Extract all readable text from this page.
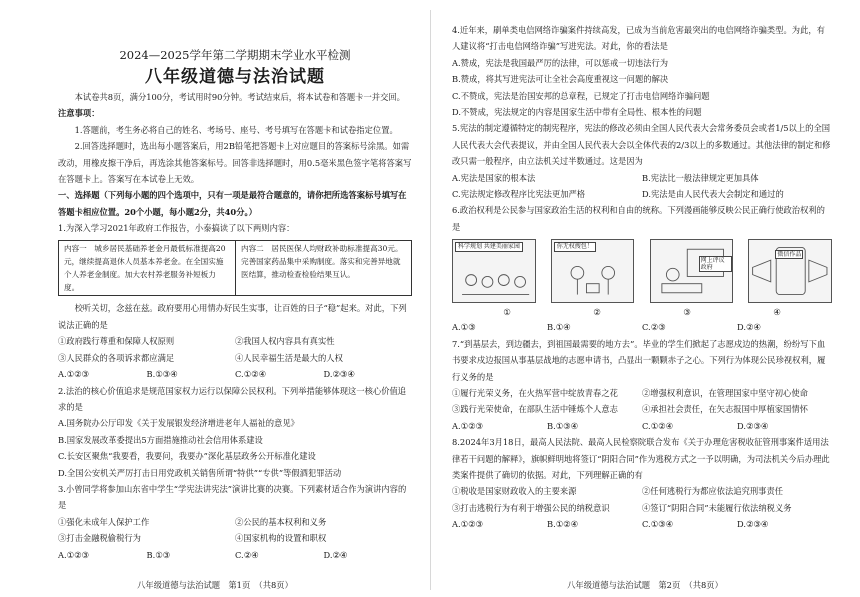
2024—2025学年第二学期期末学业水平检测
八年级道德与法治试题

本试卷共8页，满分100分，考试用时90分钟。考试结束后，将本试卷和答题卡一并交回。

注意事项：

1.答题前，考生务必将自己的姓名、考场号、座号、考号填写在答题卡和试卷指定位置。

2.回答选择题时，选出每小题答案后，用2B铅笔把答题卡上对应题目的答案标号涂黑。如需改动，用橡皮擦干净后，再选涂其他答案标号。回答非选择题时，用0.5毫米黑色签字笔将答案写在答题卡上。答案写在本试卷上无效。

一、选择题（下列每小题的四个选项中，只有一项是最符合题意的，请你把所选答案标号填写在答题卡相应位置。20个小题，每小题2分，共40分。）

1.为深入学习2021年政府工作报告，小泰搞读了以下两则内容：

内容一　城乡居民基础养老金月最低标准提高20元，继续提高退休人员基本养老金。在全国实施个人养老金制度。加大农村养老服务补短板力度。
内容二　居民医保人均财政补助标准提高30元。完善国家药品集中采购制度。落实和完善异地就医结算，推动检查检验结果互认。

校听关切，念兹在兹。政府要用心用情办好民生实事，让百姓的日子“稳”起来。对此，下列说法正确的是

①政府践行尊重和保障人权原则	②我国人权内容具有真实性
③人民群众的各项诉求都应满足	④人民幸福生活是最大的人权
A.①②③	B.①③④	C.①②④	D.②③④

2.法治的核心价值追求是规范国家权力运行以保障公民权利。下列举措能够体现这一核心价值追求的是

A.国务院办公厅印发《关于发展银发经济增进老年人福祉的意见》

B.国家发展改革委提出5方面措施推动社会信用体系建设

C.长安区聚焦“我要看，我要问，我要办”深化基层政务公开标准化建设

D.全国公安机关严厉打击日用党政机关销售所谓“特供”“专供”等假酒犯罪活动

3.小曾同学将参加山东省中学生“学宪法讲宪法”演讲比赛的决赛。下列素材适合作为演讲内容的是

①强化未成年人保护工作	②公民的基本权利和义务
③打击金融税偷税行为	④国家机构的设置和职权
A.①②③	B.①③	C.②④	D.②④
八年级道德与法治试题　第1页　（共8页）

4.近年来，刷单类电信网络诈骗案件持续高发，已成为当前危害最突出的电信网络诈骗类型。为此，有人建议将“打击电信网络诈骗”写进宪法。对此，你的看法是

A.赞成，宪法是我国最严厉的法律，可以惩戒一切违法行为

B.赞成，将其写进宪法可让全社会高度重视这一问题的解决

C.不赞成，宪法是治国安邦的总章程，已规定了打击电信网络诈骗问题

D.不赞成，宪法规定的内容是国家生活中带有全局性、根本性的问题

5.宪法的制定遵循特定的制宪程序，宪法的修改必须由全国人民代表大会常务委员会或者1/5以上的全国人民代表大会代表提议，并由全国人民代表大会以全体代表的2/3以上的多数通过。其他法律的制定和修改只需一般程序，由立法机关过半数通过。这是因为

A.宪法是国家的根本法	B.宪法比一般法律规定更加具体
C.宪法规定修改程序比宪法更加严格	D.宪法是由人民代表大会制定和通过的

6.政治权利是公民参与国家政治生活的权利和自由的统称。下列漫画能够反映公民正确行使政治权利的是

科学规划 共建美丽家园	你无权搜包！
网上评议政府
微信作品
①	②	③	④
A.①③	B.①④	C.②③	D.②④

7.“到基层去，到边疆去，到祖国最需要的地方去”。毕业的学生们掀起了志愿戍边的热潮，纷纷写下血书要求戍边报国从事基层战地的志愿申请书，凸显出一颗颗赤子之心。下列行为体现公民珍视权利，履行义务的是

①履行光荣义务，在火热军营中绽放青春之花	②增强权利意识，在管理国家中坚守初心使命
③践行光荣使命，在部队生活中锤炼个人意志	④承担社会责任，在矢志报国中厚植家国情怀
A.①②③	B.①③④	C.①②④	D.②③④

8.2024年3月18日，最高人民法院、最高人民检察院联合发布《关于办理危害税收征管刑事案件适用法律若干问题的解释》，旗帜鲜明地将签订“阴阳合同”作为逃税方式之一予以明确，为司法机关今后办理此类案件提供了确切的依据。对此，下列理解正确的有

①税收是国家财政收入的主要来源	②任何逃税行为都应依法追究刑事责任
③打击逃税行为有利于增强公民的纳税意识	④签订“阴阳合同”未能履行依法纳税义务
A.①②③	B.①②④	C.①③④	D.②③④
八年级道德与法治试题　第2页　（共8页）
